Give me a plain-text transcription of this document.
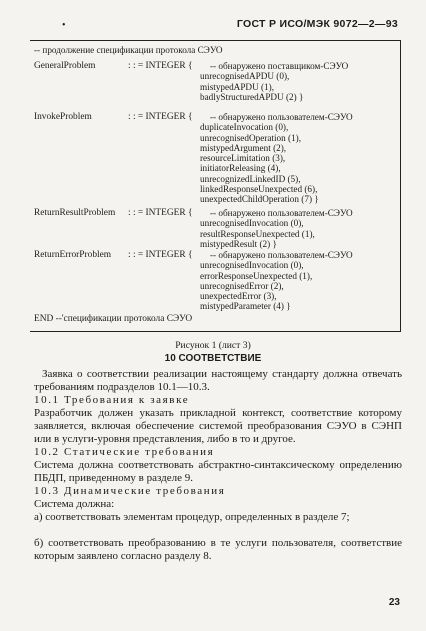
•	ГОСТ Р ИСО/МЭК 9072—2—93
-- продолжение спецификации протокола СЭУО
GeneralProblem	: : = INTEGER { -- обнаружено поставщиком-СЭУО
unrecognisedAPDU (0),
mistypedAPDU (1),
badlyStructuredAPDU (2) }
InvokeProblem	: : = INTEGER { -- обнаружено пользователем-СЭУО
duplicateInvocation (0),
unrecognisedOperation (1),
mistypedArgument (2),
resourceLimitation (3),
initiatorReleasing (4),
unrecognizedLinkedID (5),
linkedResponseUnexpected (6),
unexpectedChildOperation (7) }
ReturnResultProblem : : = INTEGER { -- обнаружено пользователем-СЭУО
unrecognisedInvocation (0),
resultResponseUnexpected (1),
mistypedResult (2) }
ReturnErrorProblem : : = INTEGER { -- обнаружено пользователем-СЭУО
unrecognisedInvocation (0),
errorResponseUnexpected (1),
unrecognisedError (2),
unexpectedError (3),
mistypedParameter (4) }
END --'спецификации протокола СЭУО
Рисунок 1 (лист 3)
10 СООТВЕТСТВИЕ
Заявка о соответствии реализации настоящему стандарту должна отвечать требованиям подразделов 10.1—10.3.
10.1 Требования к заявке
Разработчик должен указать прикладной контекст, соответствие которому заявляется, включая обеспечение системой преобразования СЭУО в СЭНП или в услуги-уровня представления, либо в то и другое.
10.2 Статические требования
Система должна соответствовать абстрактно-синтаксическому определению ПБДП, приведенному в разделе 9.
10.3 Динамические требования
Система должна:
а) соответствовать элементам процедур, определенных в разделе 7;
б) соответствовать преобразованию в те услуги пользователя, соответствие которым заявлено согласно разделу 8.
23
